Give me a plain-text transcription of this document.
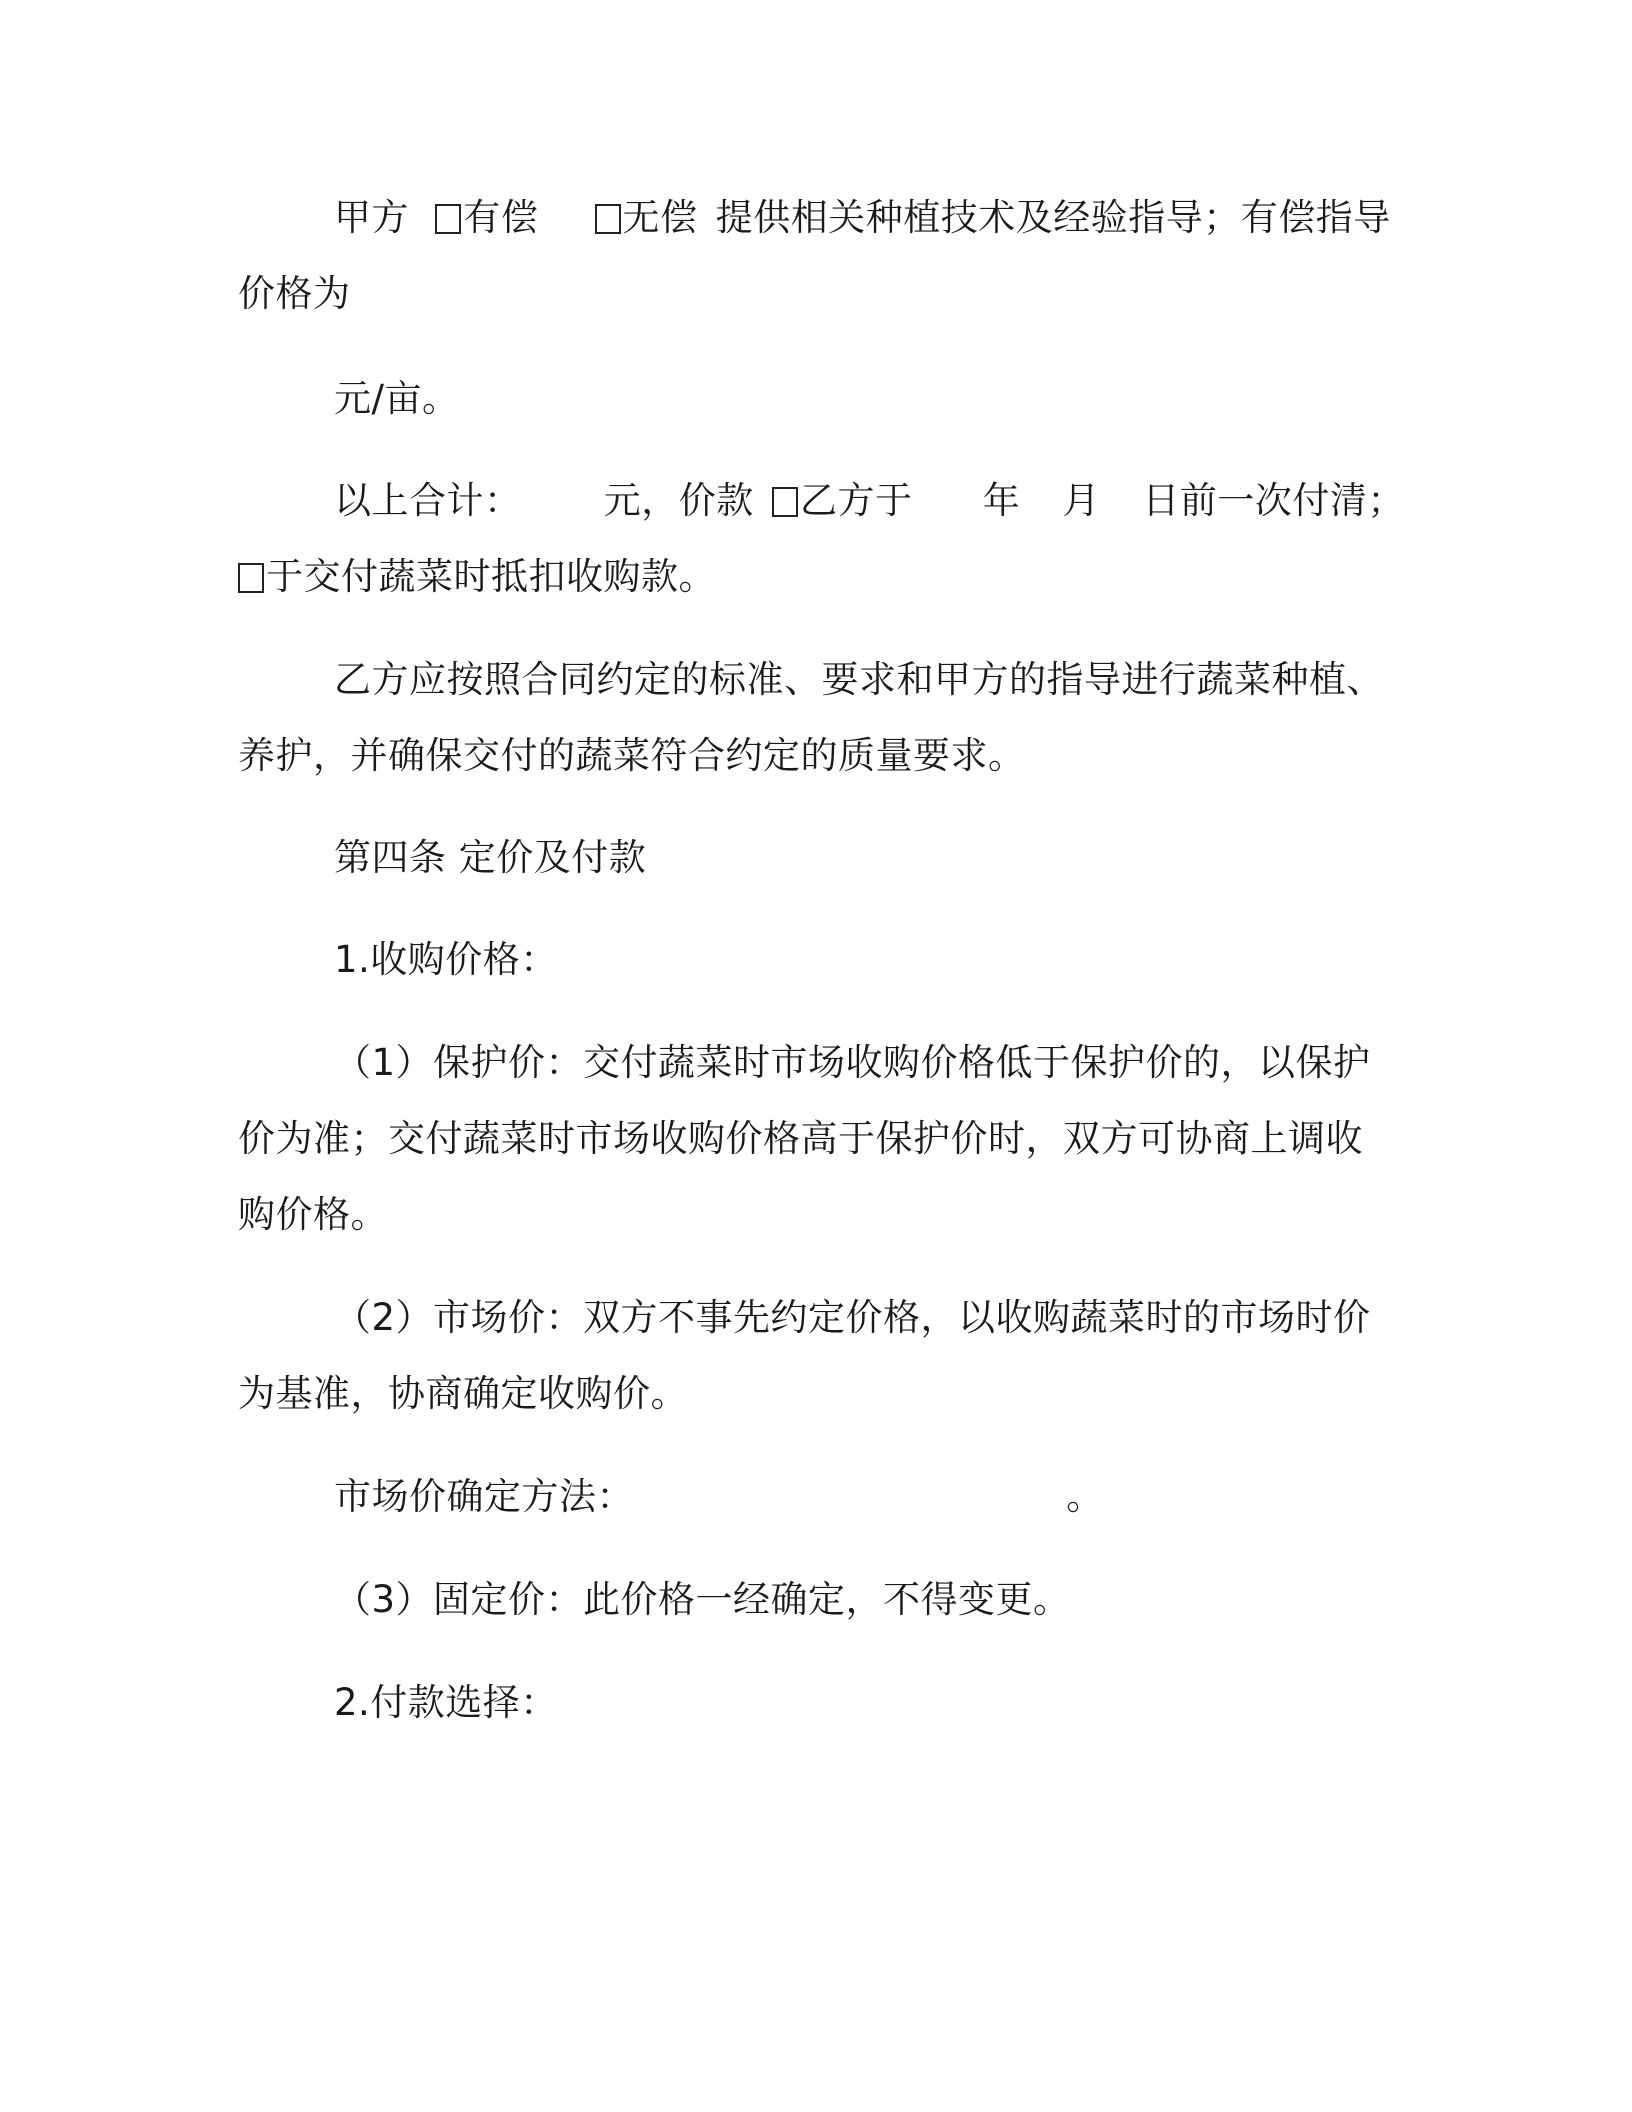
甲方 有偿 无偿 提供相关种植技术及经验指导；有偿指导
价格为
元/亩。
以上合计： 元，价款 乙方于 年 月 日前一次付清；
于交付蔬菜时抵扣收购款。
乙方应按照合同约定的标准、要求和甲方的指导进行蔬菜种植、
养护，并确保交付的蔬菜符合约定的质量要求。
第四条 定价及付款
1.收购价格：
（1）保护价：交付蔬菜时市场收购价格低于保护价的，以保护
价为准；交付蔬菜时市场收购价格高于保护价时，双方可协商上调收
购价格。
（2）市场价：双方不事先约定价格，以收购蔬菜时的市场时价
为基准，协商确定收购价。
市场价确定方法：	。
（3）固定价：此价格一经确定，不得变更。
2.付款选择：
